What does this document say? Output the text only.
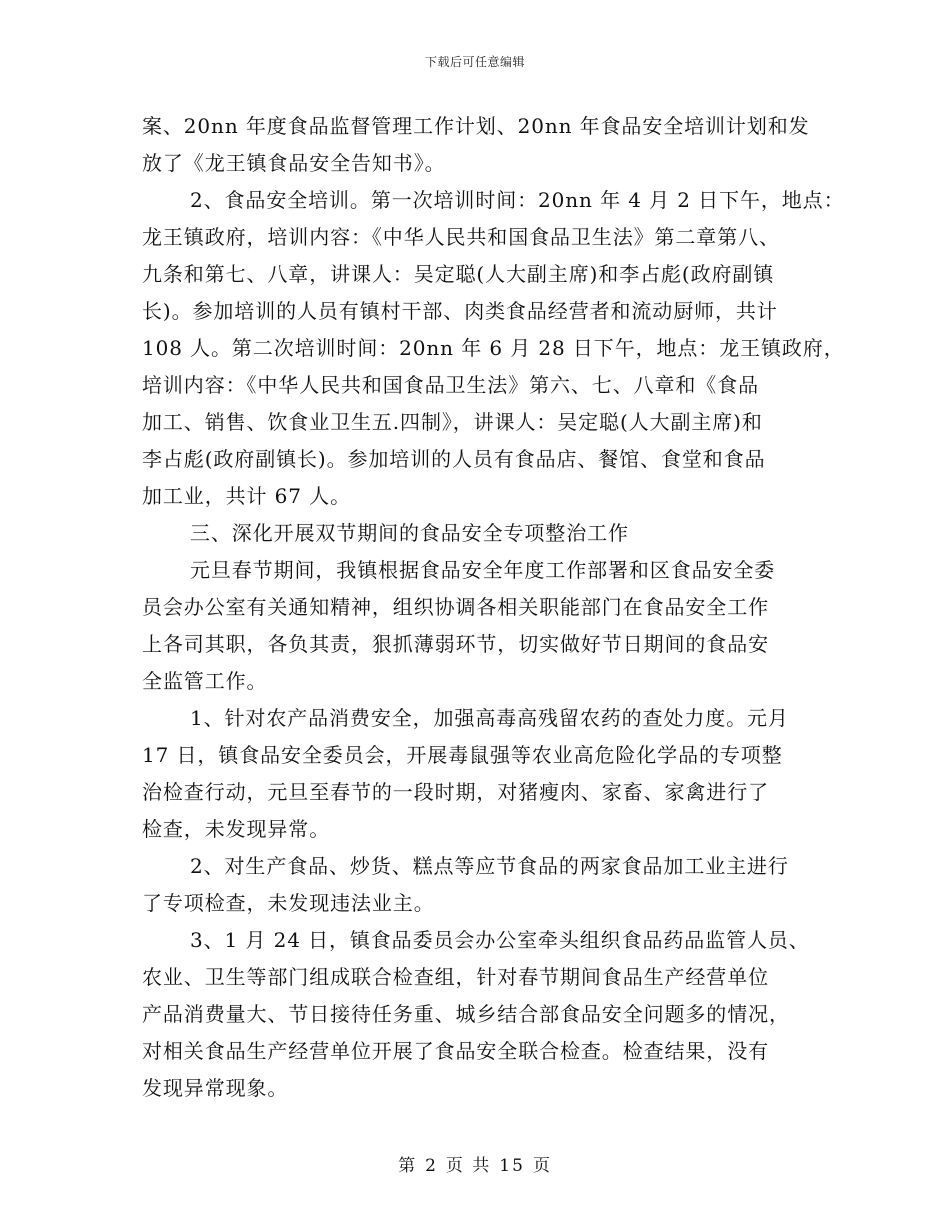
下载后可任意编辑
案、20nn 年度食品监督管理工作计划、20nn 年食品安全培训计划和发
放了《龙王镇食品安全告知书》。
2、食品安全培训。第一次培训时间：20nn 年 4 月 2 日下午，地点：
龙王镇政府，培训内容：《中华人民共和国食品卫生法》第二章第八、
九条和第七、八章，讲课人：吴定聪(人大副主席)和李占彪(政府副镇
长)。参加培训的人员有镇村干部、肉类食品经营者和流动厨师，共计
108 人。第二次培训时间：20nn 年 6 月 28 日下午，地点：龙王镇政府，
培训内容：《中华人民共和国食品卫生法》第六、七、八章和《食品
加工、销售、饮食业卫生五.四制》，讲课人：吴定聪(人大副主席)和
李占彪(政府副镇长)。参加培训的人员有食品店、餐馆、食堂和食品
加工业，共计 67 人。
三、深化开展双节期间的食品安全专项整治工作
元旦春节期间，我镇根据食品安全年度工作部署和区食品安全委
员会办公室有关通知精神，组织协调各相关职能部门在食品安全工作
上各司其职，各负其责，狠抓薄弱环节，切实做好节日期间的食品安
全监管工作。
1、针对农产品消费安全，加强高毒高残留农药的查处力度。元月
17 日，镇食品安全委员会，开展毒鼠强等农业高危险化学品的专项整
治检查行动，元旦至春节的一段时期，对猪瘦肉、家畜、家禽进行了
检查，未发现异常。
2、对生产食品、炒货、糕点等应节食品的两家食品加工业主进行
了专项检查，未发现违法业主。
3、1 月 24 日，镇食品委员会办公室牵头组织食品药品监管人员、
农业、卫生等部门组成联合检查组，针对春节期间食品生产经营单位
产品消费量大、节日接待任务重、城乡结合部食品安全问题多的情况，
对相关食品生产经营单位开展了食品安全联合检查。检查结果，没有
发现异常现象。
第 2 页 共 15 页
